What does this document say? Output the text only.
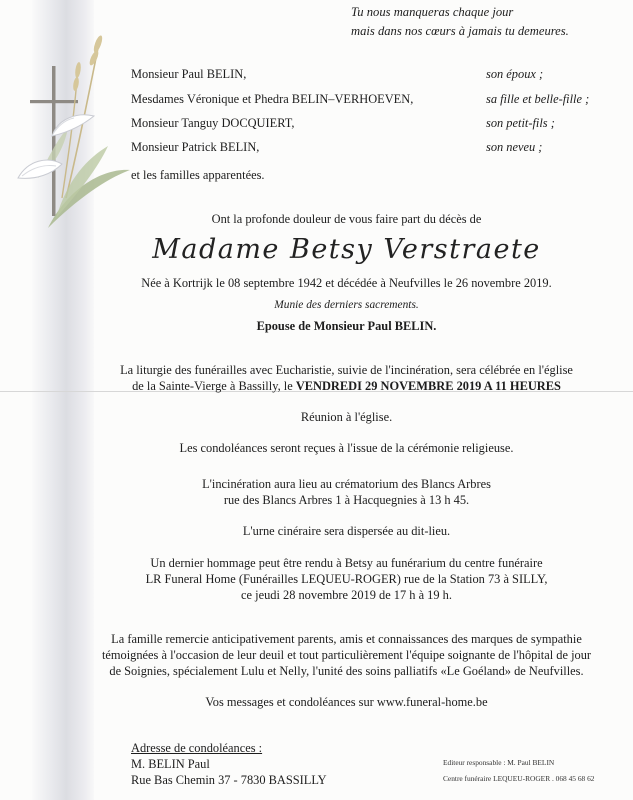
Tu nous manqueras chaque jour
mais dans nos cœurs à jamais tu demeures.
Monsieur Paul BELIN,	son époux ;
Mesdames Véronique et Phedra BELIN–VERHOEVEN,	sa fille et belle-fille ;
Monsieur Tanguy DOCQUIERT,	son petit-fils ;
Monsieur Patrick BELIN,	son neveu ;
et les familles apparentées.
Ont la profonde douleur de vous faire part du décès de
Madame Betsy Verstraete
Née à Kortrijk le 08 septembre 1942 et décédée à Neufvilles le 26 novembre 2019.
Munie des derniers sacrements.
Epouse de Monsieur Paul BELIN.
La liturgie des funérailles avec Eucharistie, suivie de l'incinération, sera célébrée en l'église
de la Sainte-Vierge à Bassilly, le VENDREDI 29 NOVEMBRE 2019 A 11 HEURES
Réunion à l'église.
Les condoléances seront reçues à l'issue de la cérémonie religieuse.
L'incinération aura lieu au crématorium des Blancs Arbres
rue des Blancs Arbres 1 à Hacquegnies à 13 h 45.
L'urne cinéraire sera dispersée au dit-lieu.
Un dernier hommage peut être rendu à Betsy au funérarium du centre funéraire
LR Funeral Home (Funérailles LEQUEU-ROGER) rue de la Station 73 à SILLY,
ce jeudi 28 novembre 2019 de 17 h à 19 h.
La famille remercie anticipativement parents, amis et connaissances des marques de sympathie
témoignées à l'occasion de leur deuil et tout particulièrement l'équipe soignante de l'hôpital de jour
de Soignies, spécialement Lulu et Nelly, l'unité des soins palliatifs «Le Goéland» de Neufvilles.
Vos messages et condoléances sur www.funeral-home.be
Adresse de condoléances :
M. BELIN Paul
Rue Bas Chemin 37 - 7830 BASSILLY
Editeur responsable : M. Paul BELIN
Centre funéraire LEQUEU-ROGER . 068 45 68 62
